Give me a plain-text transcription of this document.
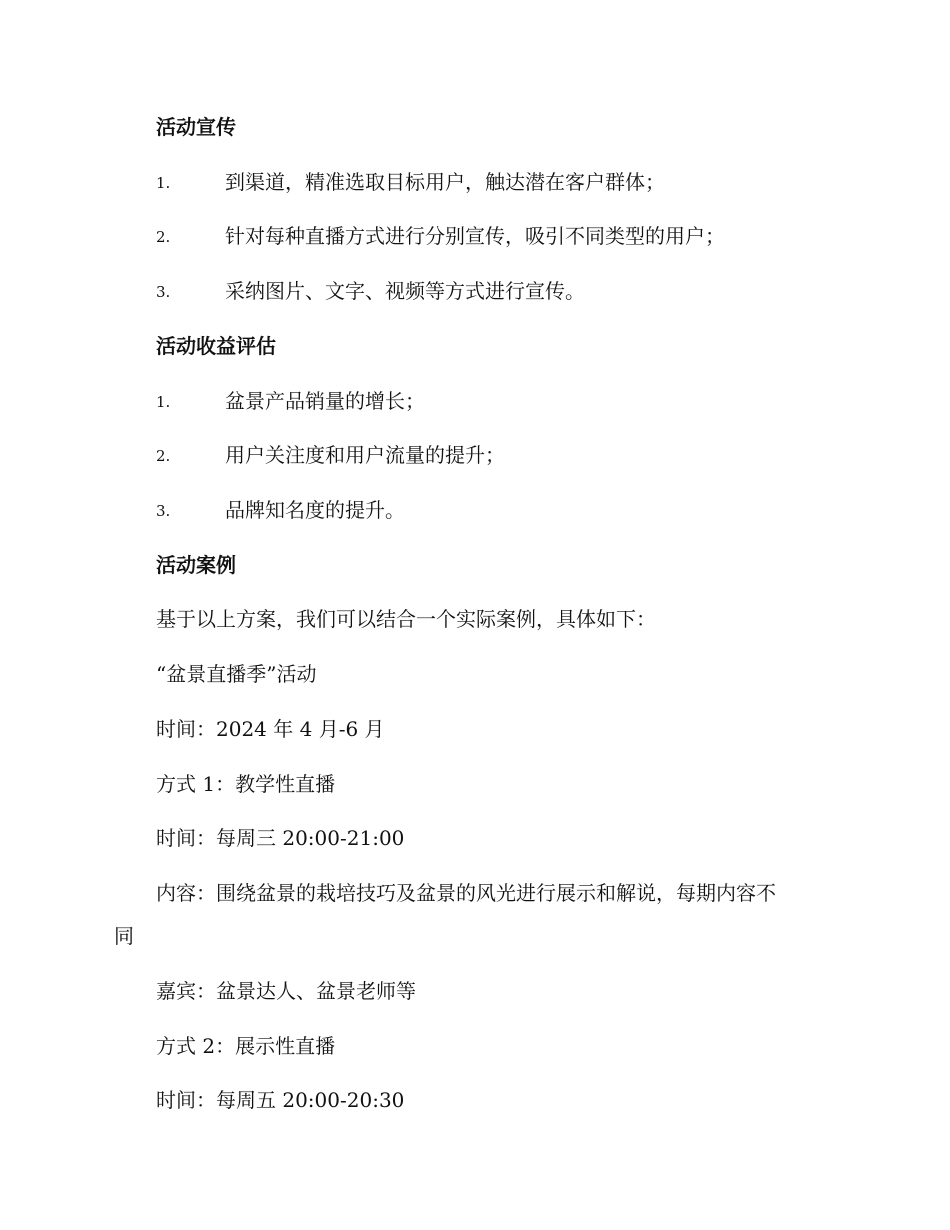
活动宣传
1.	到渠道，精准选取目标用户，触达潜在客户群体；
2.	针对每种直播方式进行分别宣传，吸引不同类型的用户；
3.	采纳图片、文字、视频等方式进行宣传。
活动收益评估
1.	盆景产品销量的增长；
2.	用户关注度和用户流量的提升；
3.	品牌知名度的提升。
活动案例
基于以上方案，我们可以结合一个实际案例，具体如下：
“盆景直播季”活动
时间：2024 年 4 月-6 月
方式 1：教学性直播
时间：每周三 20:00-21:00
内容：围绕盆景的栽培技巧及盆景的风光进行展示和解说，每期内容不
同
嘉宾：盆景达人、盆景老师等
方式 2：展示性直播
时间：每周五 20:00-20:30
